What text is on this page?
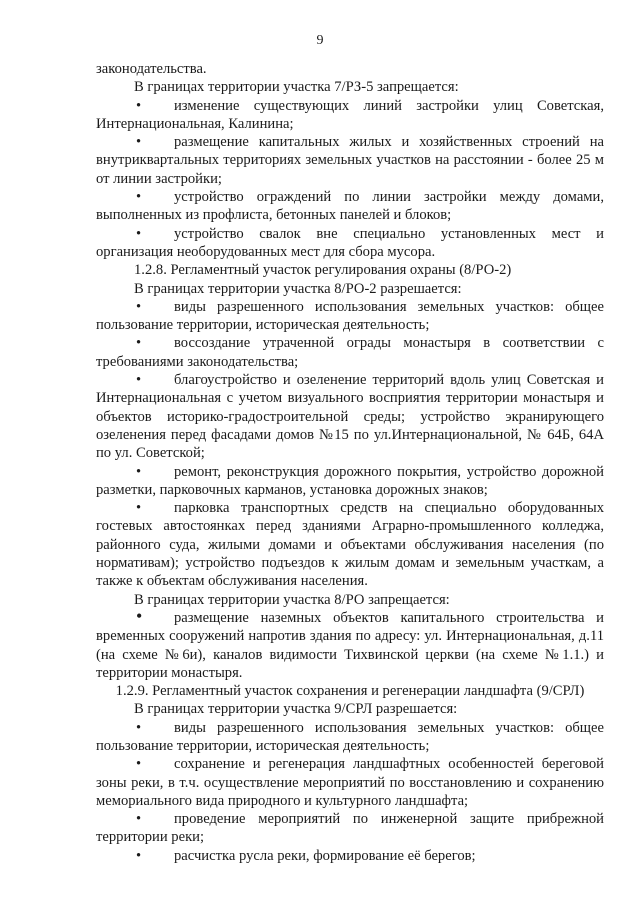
9

законодательства.

В границах территории участка 7/РЗ-5 запрещается:

• изменение существующих линий застройки улиц Советская, Интернациональная, Калинина;

• размещение капитальных жилых и хозяйственных строений на внутриквартальных территориях земельных участков на расстоянии - более 25 м от линии застройки;

• устройство ограждений по линии застройки между домами, выполненных из профлиста, бетонных панелей и блоков;

• устройство свалок вне специально установленных мест и организация необорудованных мест для сбора мусора.

1.2.8. Регламентный участок регулирования охраны (8/РО-2)

В границах территории участка 8/РО-2 разрешается:

• виды разрешенного использования земельных участков: общее пользование территории, историческая деятельность;

• воссоздание утраченной ограды монастыря в соответствии с требованиями законодательства;

• благоустройство и озеленение территорий вдоль улиц Советская и Интернациональная с учетом визуального восприятия территории монастыря и объектов историко-градостроительной среды; устройство экранирующего озеленения перед фасадами домов №15 по ул.Интернациональной, № 64Б, 64А по ул. Советской;

• ремонт, реконструкция дорожного покрытия, устройство дорожной разметки, парковочных карманов, установка дорожных знаков;

• парковка транспортных средств на специально оборудованных гостевых автостоянках перед зданиями Аграрно-промышленного колледжа, районного суда, жилыми домами и объектами обслуживания населения (по нормативам); устройство подъездов к жилым домам и земельным участкам, а также к объектам обслуживания населения.

В границах территории участка 8/РО запрещается:

• размещение наземных объектов капитального строительства и временных сооружений напротив здания по адресу: ул. Интернациональная, д.11 (на схеме №6и), каналов видимости Тихвинской церкви (на схеме №1.1.) и территории монастыря.

1.2.9. Регламентный участок сохранения и регенерации ландшафта (9/СРЛ)

В границах территории участка 9/СРЛ разрешается:

• виды разрешенного использования земельных участков: общее пользование территории, историческая деятельность;

• сохранение и регенерация ландшафтных особенностей береговой зоны реки, в т.ч. осуществление мероприятий по восстановлению и сохранению мемориального вида природного и культурного ландшафта;

• проведение мероприятий по инженерной защите прибрежной территории реки;

• расчистка русла реки, формирование её берегов;
